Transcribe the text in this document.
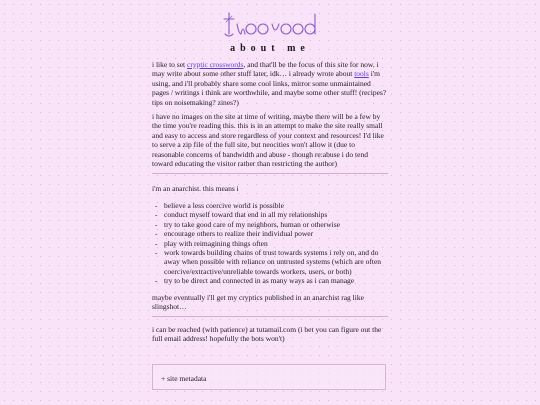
about me

i like to set cryptic crosswords, and that'll be the focus of this site for now. i may write about some other stuff later, idk… i already wrote about tools i'm using, and i'll probably share some cool links, mirror some unmaintained pages / writings i think are worthwhile, and maybe some other stuff! (recipes? tips on noisemaking? zines?)

i have no images on the site at time of writing, maybe there will be a few by the time you're reading this. this is in an attempt to make the site really small and easy to access and store regardless of your context and resources! I'd like to serve a zip file of the full site, but neocities won't allow it (due to reasonable concerns of bandwidth and abuse - though re:abuse i do tend toward educating the visitor rather than restricting the author)

i'm an anarchist. this means i

- believe a less coercive world is possible
- conduct myself toward that end in all my relationships
- try to take good care of my neighbors, human or otherwise
- encourage others to realize their individual power
- play with reimagining things often
- work towards building chains of trust towards systems i rely on, and do away when possible with reliance on untrusted systems (which are often coercive/extractive/unreliable towards workers, users, or both)
- try to be direct and connected in as many ways as i can manage

maybe eventually i'll get my cryptics published in an anarchist rag like slingshot…

i can be reached (with patience) at tutamail.com (i bet you can figure out the full email address! hopefully the bots won't)

+ site metadata
